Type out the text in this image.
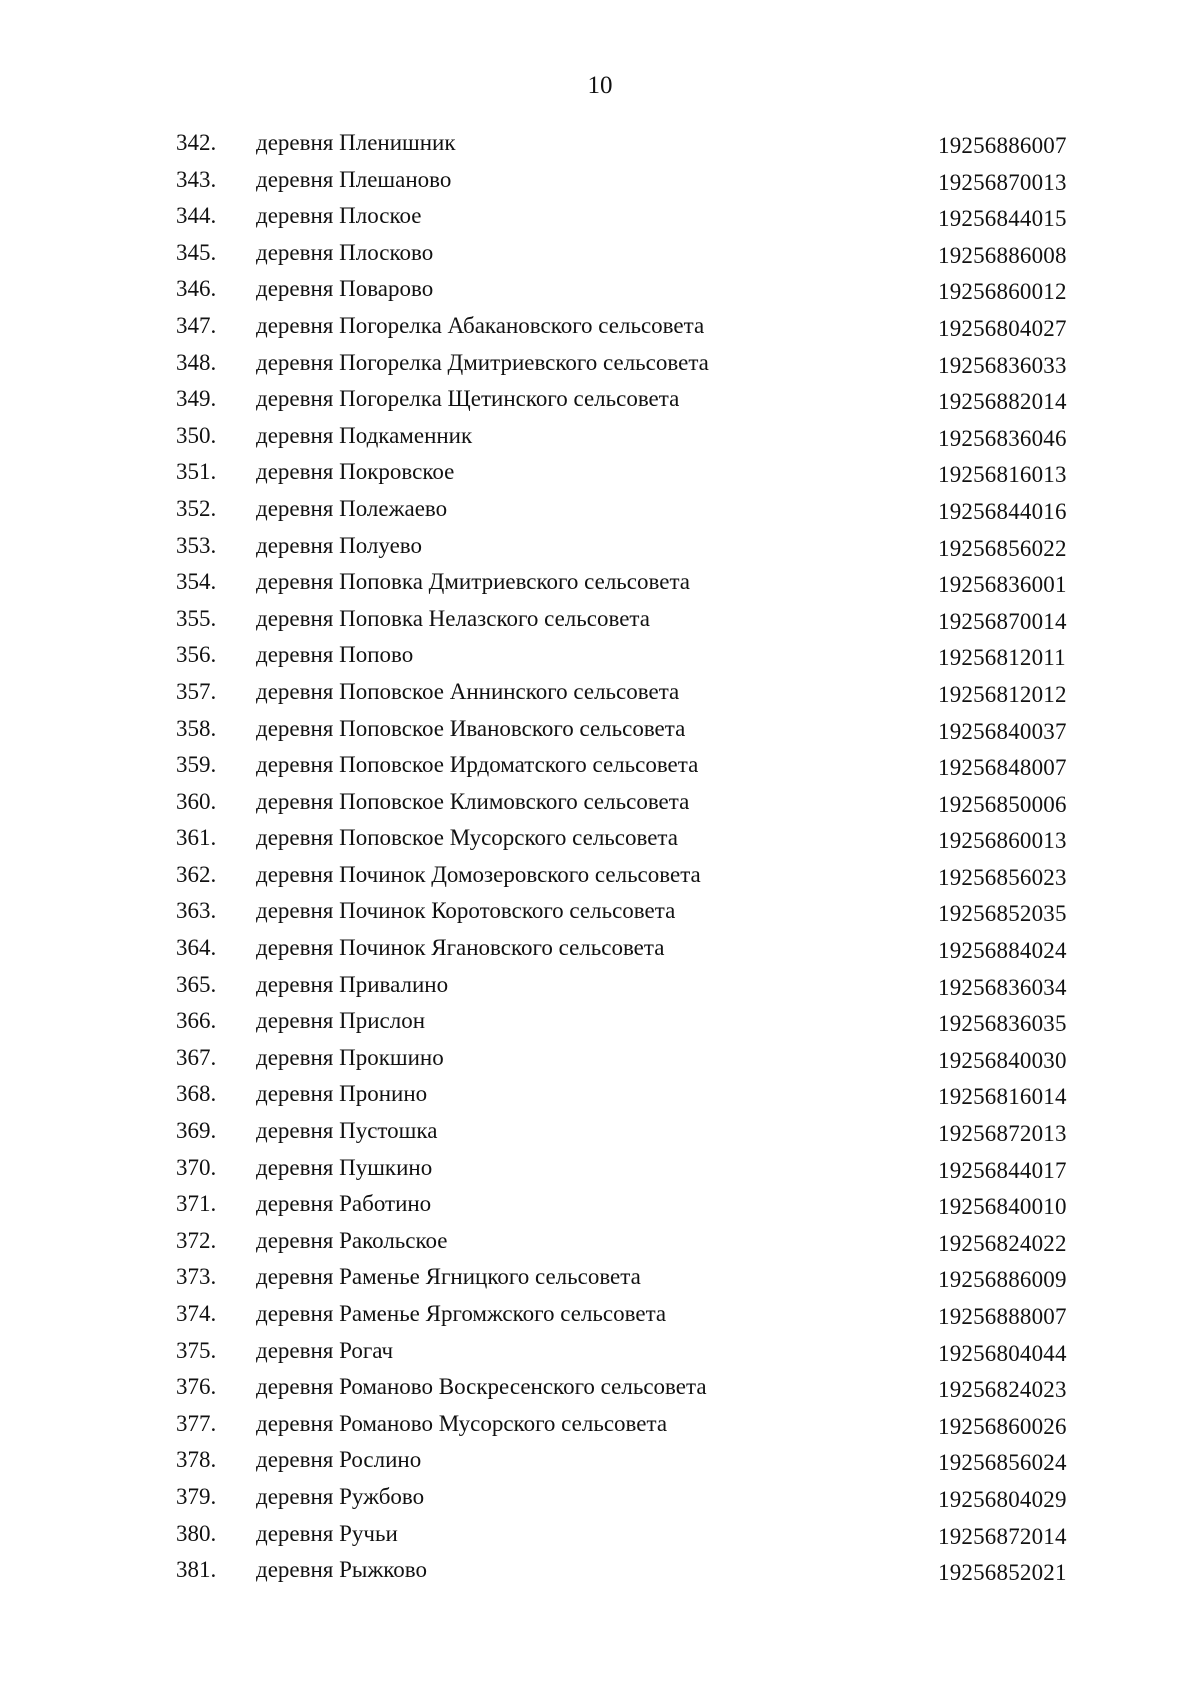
10
342. деревня Пленишник	19256886007
343. деревня Плешаново	19256870013
344. деревня Плоское	19256844015
345. деревня Плосково	19256886008
346. деревня Поварово	19256860012
347. деревня Погорелка Абакановского сельсовета	19256804027
348. деревня Погорелка Дмитриевского сельсовета	19256836033
349. деревня Погорелка Щетинского сельсовета	19256882014
350. деревня Подкаменник	19256836046
351. деревня Покровское	19256816013
352. деревня Полежаево	19256844016
353. деревня Полуево	19256856022
354. деревня Поповка Дмитриевского сельсовета	19256836001
355. деревня Поповка Нелазского сельсовета	19256870014
356. деревня Попово	19256812011
357. деревня Поповское Аннинского сельсовета	19256812012
358. деревня Поповское Ивановского сельсовета	19256840037
359. деревня Поповское Ирдоматского сельсовета	19256848007
360. деревня Поповское Климовского сельсовета	19256850006
361. деревня Поповское Мусорского сельсовета	19256860013
362. деревня Починок Домозеровского сельсовета	19256856023
363. деревня Починок Коротовского сельсовета	19256852035
364. деревня Починок Ягановского сельсовета	19256884024
365. деревня Привалино	19256836034
366. деревня Прислон	19256836035
367. деревня Прокшино	19256840030
368. деревня Пронино	19256816014
369. деревня Пустошка	19256872013
370. деревня Пушкино	19256844017
371. деревня Работино	19256840010
372. деревня Ракольское	19256824022
373. деревня Раменье Ягницкого сельсовета	19256886009
374. деревня Раменье Яргомжского сельсовета	19256888007
375. деревня Рогач	19256804044
376. деревня Романово Воскресенского сельсовета	19256824023
377. деревня Романово Мусорского сельсовета	19256860026
378. деревня Рослино	19256856024
379. деревня Ружбово	19256804029
380. деревня Ручьи	19256872014
381. деревня Рыжково	19256852021
